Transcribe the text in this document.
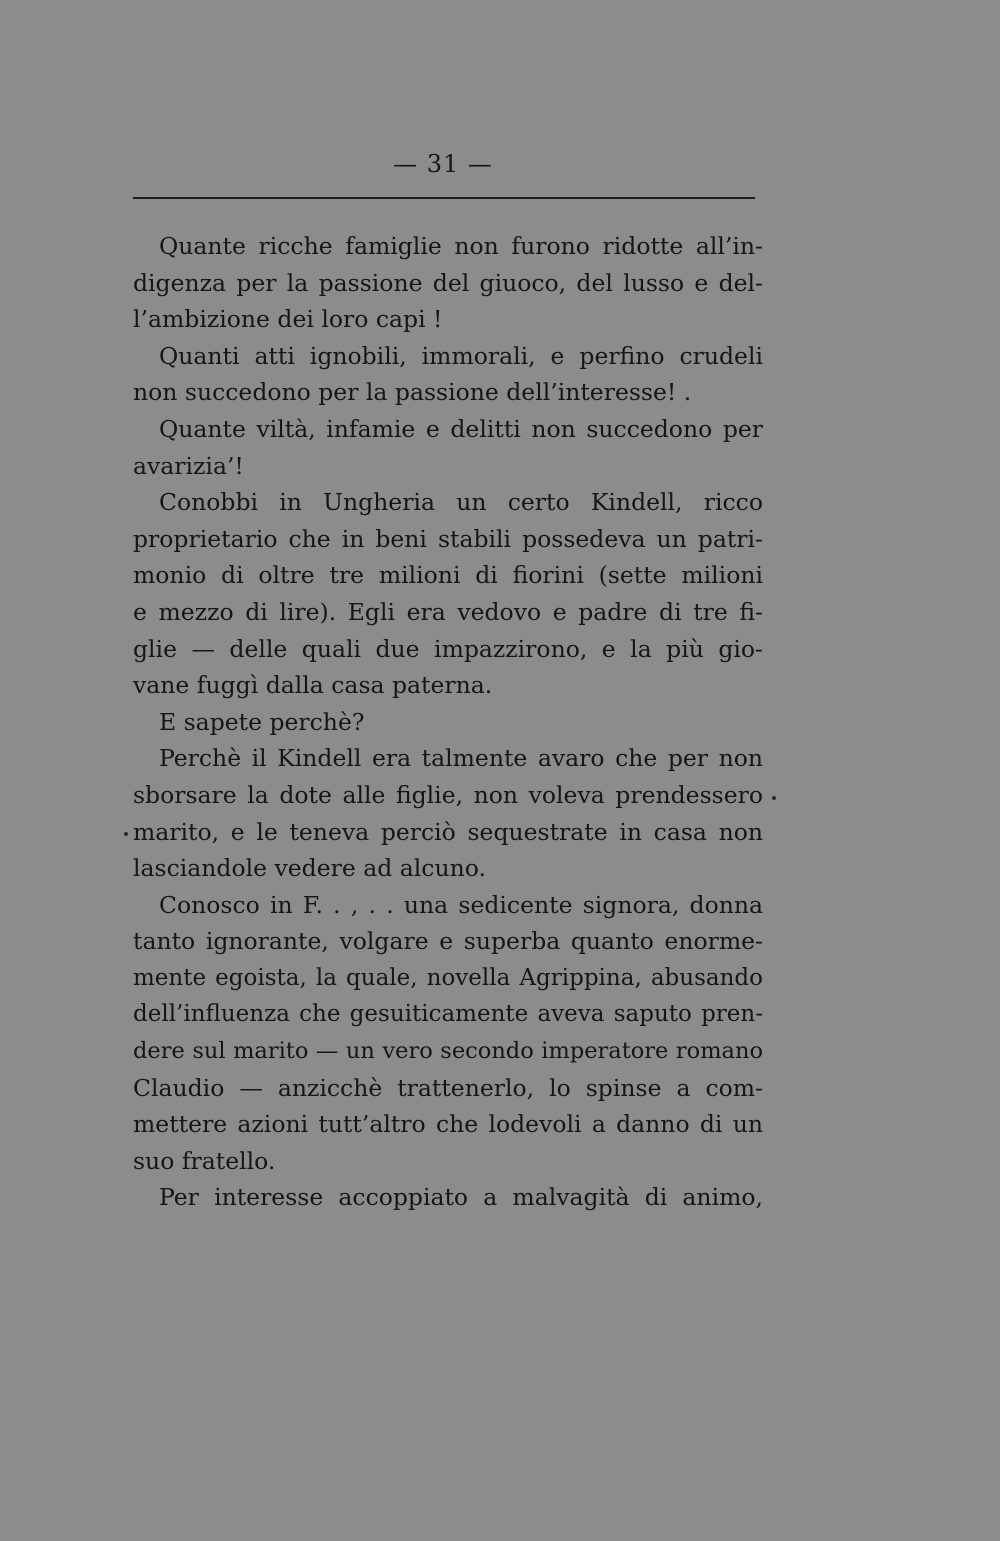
— 31 —
Quante ricche famiglie non furono ridotte all’in-
digenza per la passione del giuoco, del lusso e del-
l’ambizione dei loro capi !
Quanti atti ignobili, immorali, e perfino crudeli
non succedono per la passione dell’interesse! .
Quante viltà, infamie e delitti non succedono per
avarizia’!
Conobbi in Ungheria un certo Kindell, ricco
proprietario che in beni stabili possedeva un patri-
monio di oltre tre milioni di fiorini (sette milioni
e mezzo di lire). Egli era vedovo e padre di tre fi-
glie — delle quali due impazzirono, e la più gio-
vane fuggì dalla casa paterna.
E sapete perchè?
Perchè il Kindell era talmente avaro che per non
sborsare la dote alle figlie, non voleva prendessero
marito, e le teneva perciò sequestrate in casa non
lasciandole vedere ad alcuno.
Conosco in F. . , . . una sedicente signora, donna
tanto ignorante, volgare e superba quanto enorme-
mente egoista, la quale, novella Agrippina, abusando
dell’influenza che gesuiticamente aveva saputo pren-
dere sul marito — un vero secondo imperatore romano
Claudio — anzicchè trattenerlo, lo spinse a com-
mettere azioni tutt’altro che lodevoli a danno di un
suo fratello.
Per interesse accoppiato a malvagità di animo,
